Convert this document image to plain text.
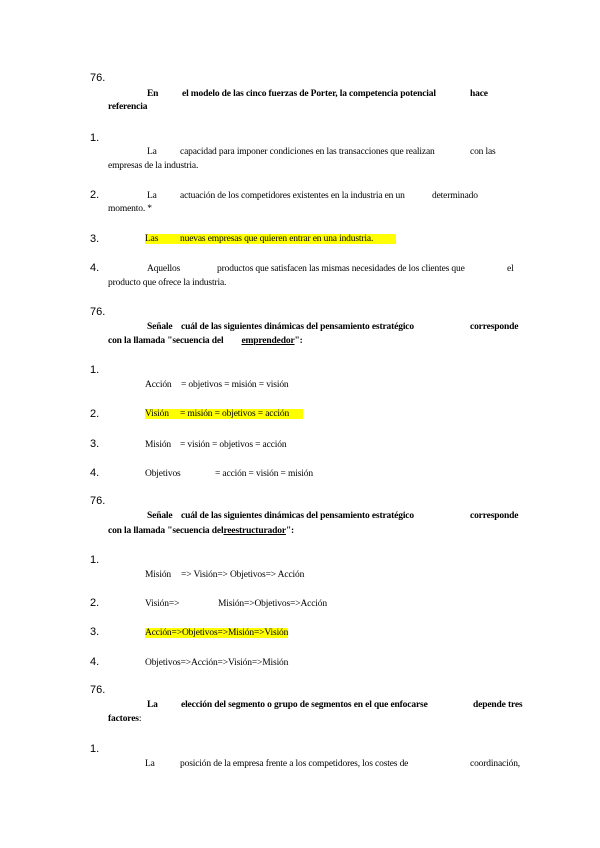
76.
En el modelo de las cinco fuerzas de Porter, la competencia potencial	hace
referencia
1.
La capacidad para imponer condiciones en las transacciones que realizan	con las
empresas de la industria.
2.	La actuación de los competidores existentes en la industria en un	determinado
momento. *
3.	Las nuevas empresas que quieren entrar en una industria.
4.	Aquellos	productos que satisfacen las mismas necesidades de los clientes que	el
producto que ofrece la industria.
76.
Señale cuál de las siguientes dinámicas del pensamiento estratégico	corresponde
con la llamada "secuencia del emprendedor":
1.
Acción = objetivos = misión = visión
2.	Visión = misión = objetivos = acción
3.	Misión = visión = objetivos = acción
4.	Objetivos	= acción = visión = misión
76.
Señale cuál de las siguientes dinámicas del pensamiento estratégico	corresponde
con la llamada "secuencia delreestructurador":
1.
Misión => Visión=> Objetivos=> Acción
2.	Visión=>	Misión=>Objetivos=>Acción
3.	Acción=>Objetivos=>Misión=>Visión
4.	Objetivos=>Acción=>Visión=>Misión
76.
La elección del segmento o grupo de segmentos en el que enfocarse	depende tres
factores:
1.
La	posición de la empresa frente a los competidores, los costes de	coordinación,
